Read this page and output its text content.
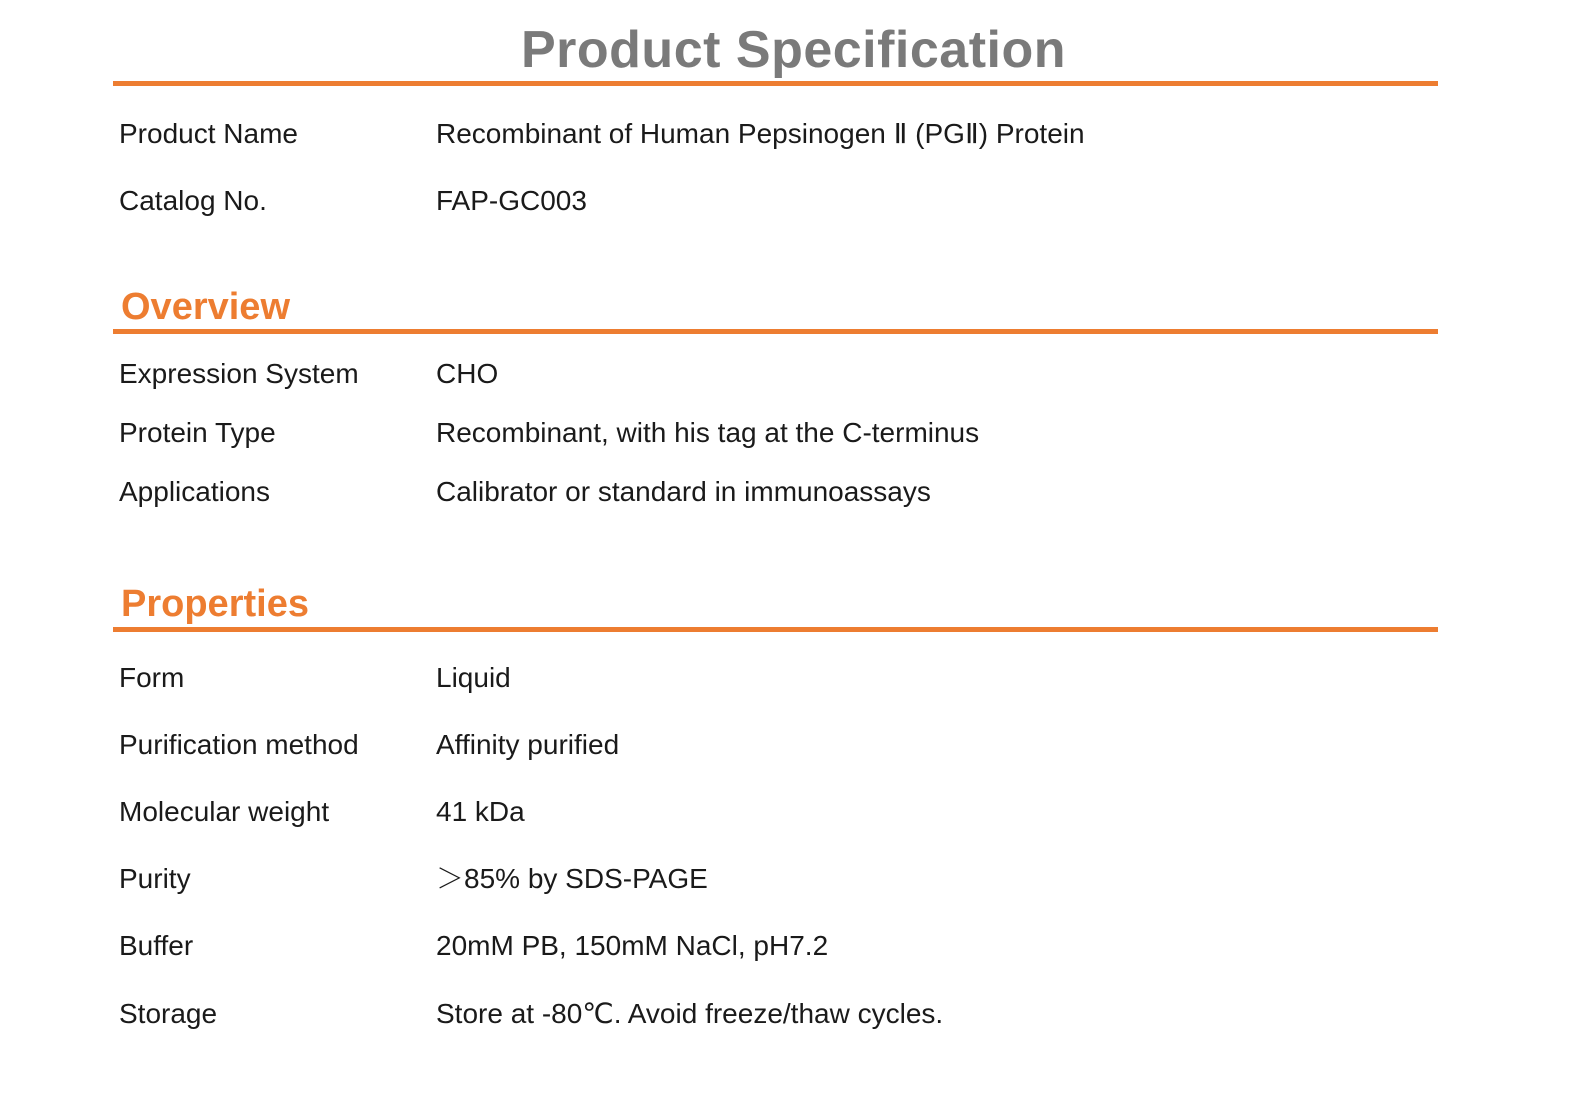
Product Specification
Product Name	Recombinant of Human Pepsinogen Ⅱ (PGⅡ) Protein
Catalog No.	FAP-GC003
Overview
Expression System	CHO
Protein Type	Recombinant, with his tag at the C-terminus
Applications	Calibrator or standard in immunoassays
Properties
Form	Liquid
Purification method	Affinity purified
Molecular weight	41 kDa
Purity	＞85% by SDS-PAGE
Buffer	20mM PB, 150mM NaCl, pH7.2
Storage	Store at -80℃. Avoid freeze/thaw cycles.
